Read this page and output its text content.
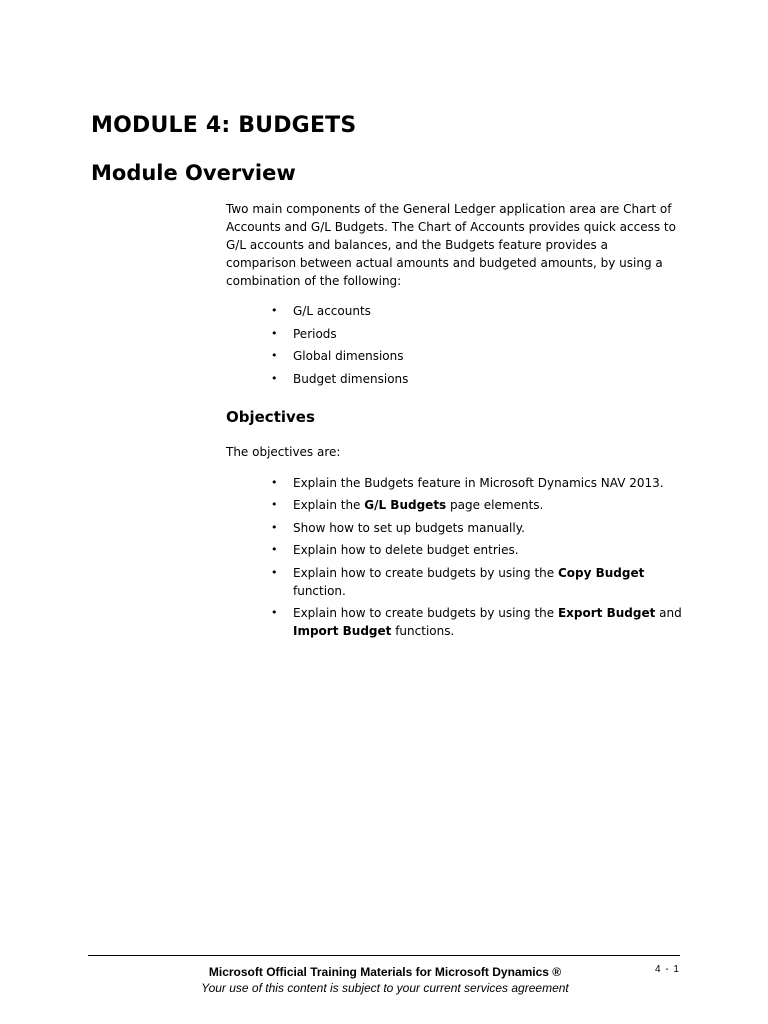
MODULE 4: BUDGETS
Module Overview

Two main components of the General Ledger application area are Chart of Accounts and G/L Budgets. The Chart of Accounts provides quick access to G/L accounts and balances, and the Budgets feature provides a comparison between actual amounts and budgeted amounts, by using a combination of the following:

• G/L accounts
• Periods
• Global dimensions
• Budget dimensions
Objectives

The objectives are:

• Explain the Budgets feature in Microsoft Dynamics NAV 2013.
• Explain the G/L Budgets page elements.
• Show how to set up budgets manually.
• Explain how to delete budget entries.
• Explain how to create budgets by using the Copy Budget function.
• Explain how to create budgets by using the Export Budget and Import Budget functions.
Microsoft Official Training Materials for Microsoft Dynamics ®
Your use of this content is subject to your current services agreement
4 - 1
